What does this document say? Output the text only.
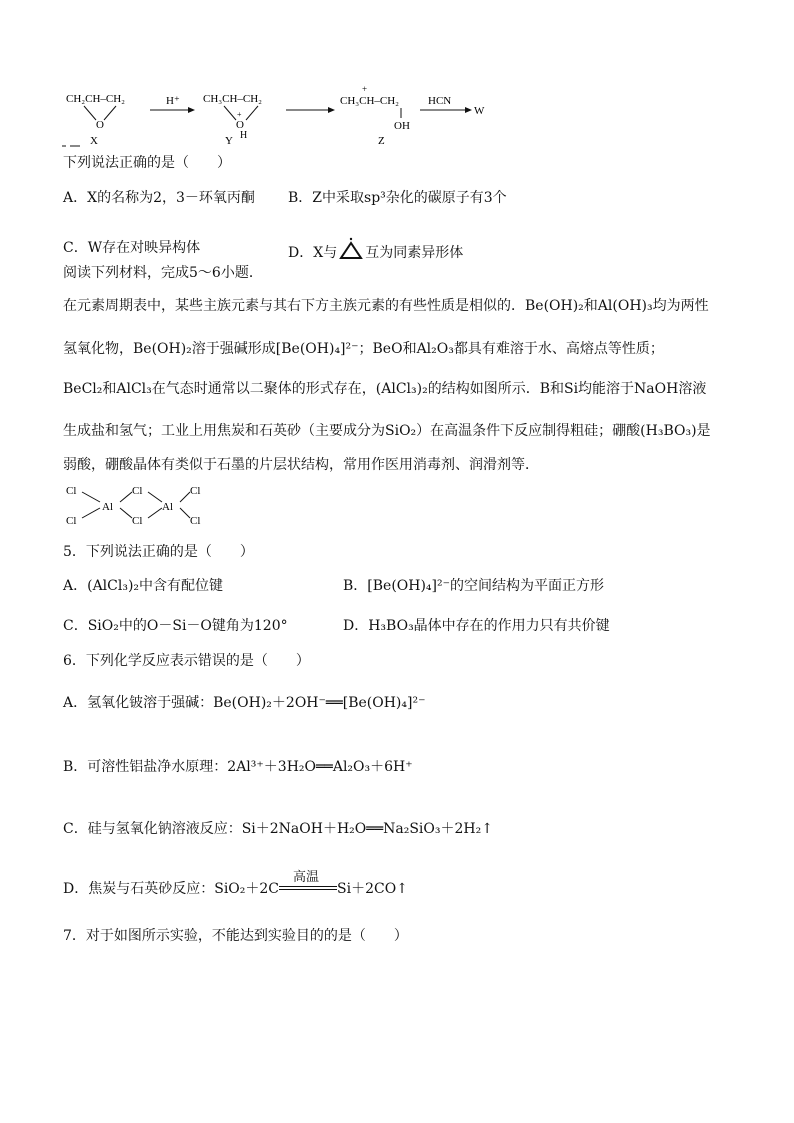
CH₂CH–CH₂
O
X
H⁺ CH₃CH–CH₂
+
O
H
Y
+
CH₃CH–CH₂
OH
Z
HCN
W
下列说法正确的是（　　）
A．X的名称为2，3－环氧丙酮 B．Z中采取sp³杂化的碳原子有3个
C．W存在对映异构体	D．X与 互为同素异形体
阅读下列材料，完成5～6小题．
在元素周期表中，某些主族元素与其右下方主族元素的有些性质是相似的．Be(OH)₂和Al(OH)₃均为两性
氢氧化物，Be(OH)₂溶于强碱形成[Be(OH)₄]²⁻；BeO和Al₂O₃都具有难溶于水、高熔点等性质；
BeCl₂和AlCl₃在气态时通常以二聚体的形式存在，(AlCl₃)₂的结构如图所示．B和Si均能溶于NaOH溶液
生成盐和氢气；工业上用焦炭和石英砂（主要成分为SiO₂）在高温条件下反应制得粗硅；硼酸(H₃BO₃)是
弱酸，硼酸晶体有类似于石墨的片层状结构，常用作医用消毒剂、润滑剂等．
Cl
Cl
Al
Cl
Cl
Al
Cl
Cl
5．下列说法正确的是（　　）
A．(AlCl₃)₂中含有配位键	B．[Be(OH)₄]²⁻的空间结构为平面正方形
C．SiO₂中的O－Si－O键角为120°	D．H₃BO₃晶体中存在的作用力只有共价键
6．下列化学反应表示错误的是（　　）
A．氢氧化铍溶于强碱：Be(OH)₂＋2OH⁻══[Be(OH)₄]²⁻
B．可溶性铝盐净水原理：2Al³⁺＋3H₂O══Al₂O₃＋6H⁺
C．硅与氢氧化钠溶液反应：Si＋2NaOH＋H₂O══Na₂SiO₃＋2H₂↑
D．焦炭与石英砂反应：SiO₂＋2C
高温
Si＋2CO↑
7．对于如图所示实验，不能达到实验目的的是（　　）
